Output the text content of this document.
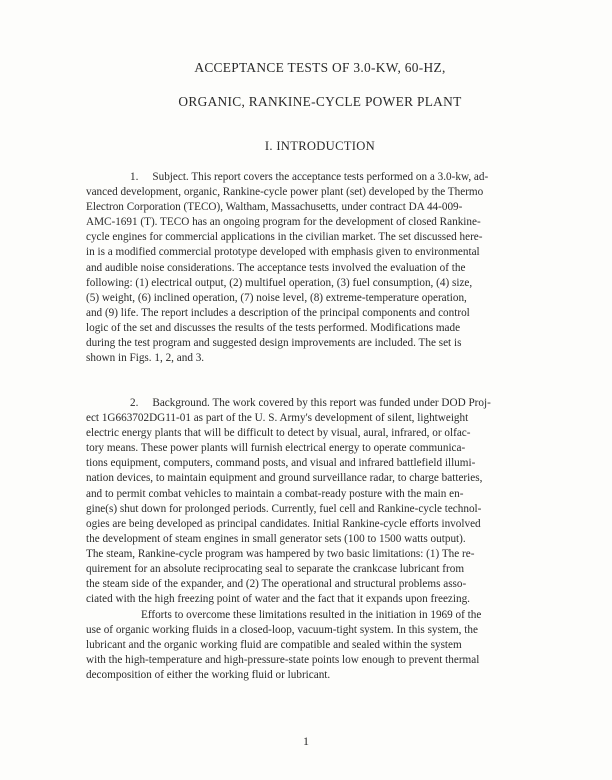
ACCEPTANCE TESTS OF 3.0-KW, 60-HZ,
ORGANIC, RANKINE-CYCLE POWER PLANT
I. INTRODUCTION
1. Subject. This report covers the acceptance tests performed on a 3.0-kw, ad-
vanced development, organic, Rankine-cycle power plant (set) developed by the Thermo
Electron Corporation (TECO), Waltham, Massachusetts, under contract DA 44-009-
AMC-1691 (T). TECO has an ongoing program for the development of closed Rankine-
cycle engines for commercial applications in the civilian market. The set discussed here-
in is a modified commercial prototype developed with emphasis given to environmental
and audible noise considerations. The acceptance tests involved the evaluation of the
following: (1) electrical output, (2) multifuel operation, (3) fuel consumption, (4) size,
(5) weight, (6) inclined operation, (7) noise level, (8) extreme-temperature operation,
and (9) life. The report includes a description of the principal components and control
logic of the set and discusses the results of the tests performed. Modifications made
during the test program and suggested design improvements are included. The set is
shown in Figs. 1, 2, and 3.
2. Background. The work covered by this report was funded under DOD Proj-
ect 1G663702DG11-01 as part of the U. S. Army's development of silent, lightweight
electric energy plants that will be difficult to detect by visual, aural, infrared, or olfac-
tory means. These power plants will furnish electrical energy to operate communica-
tions equipment, computers, command posts, and visual and infrared battlefield illumi-
nation devices, to maintain equipment and ground surveillance radar, to charge batteries,
and to permit combat vehicles to maintain a combat-ready posture with the main en-
gine(s) shut down for prolonged periods. Currently, fuel cell and Rankine-cycle technol-
ogies are being developed as principal candidates. Initial Rankine-cycle efforts involved
the development of steam engines in small generator sets (100 to 1500 watts output).
The steam, Rankine-cycle program was hampered by two basic limitations: (1) The re-
quirement for an absolute reciprocating seal to separate the crankcase lubricant from
the steam side of the expander, and (2) The operational and structural problems asso-
ciated with the high freezing point of water and the fact that it expands upon freezing.
Efforts to overcome these limitations resulted in the initiation in 1969 of the
use of organic working fluids in a closed-loop, vacuum-tight system. In this system, the
lubricant and the organic working fluid are compatible and sealed within the system
with the high-temperature and high-pressure-state points low enough to prevent thermal
decomposition of either the working fluid or lubricant.
1
